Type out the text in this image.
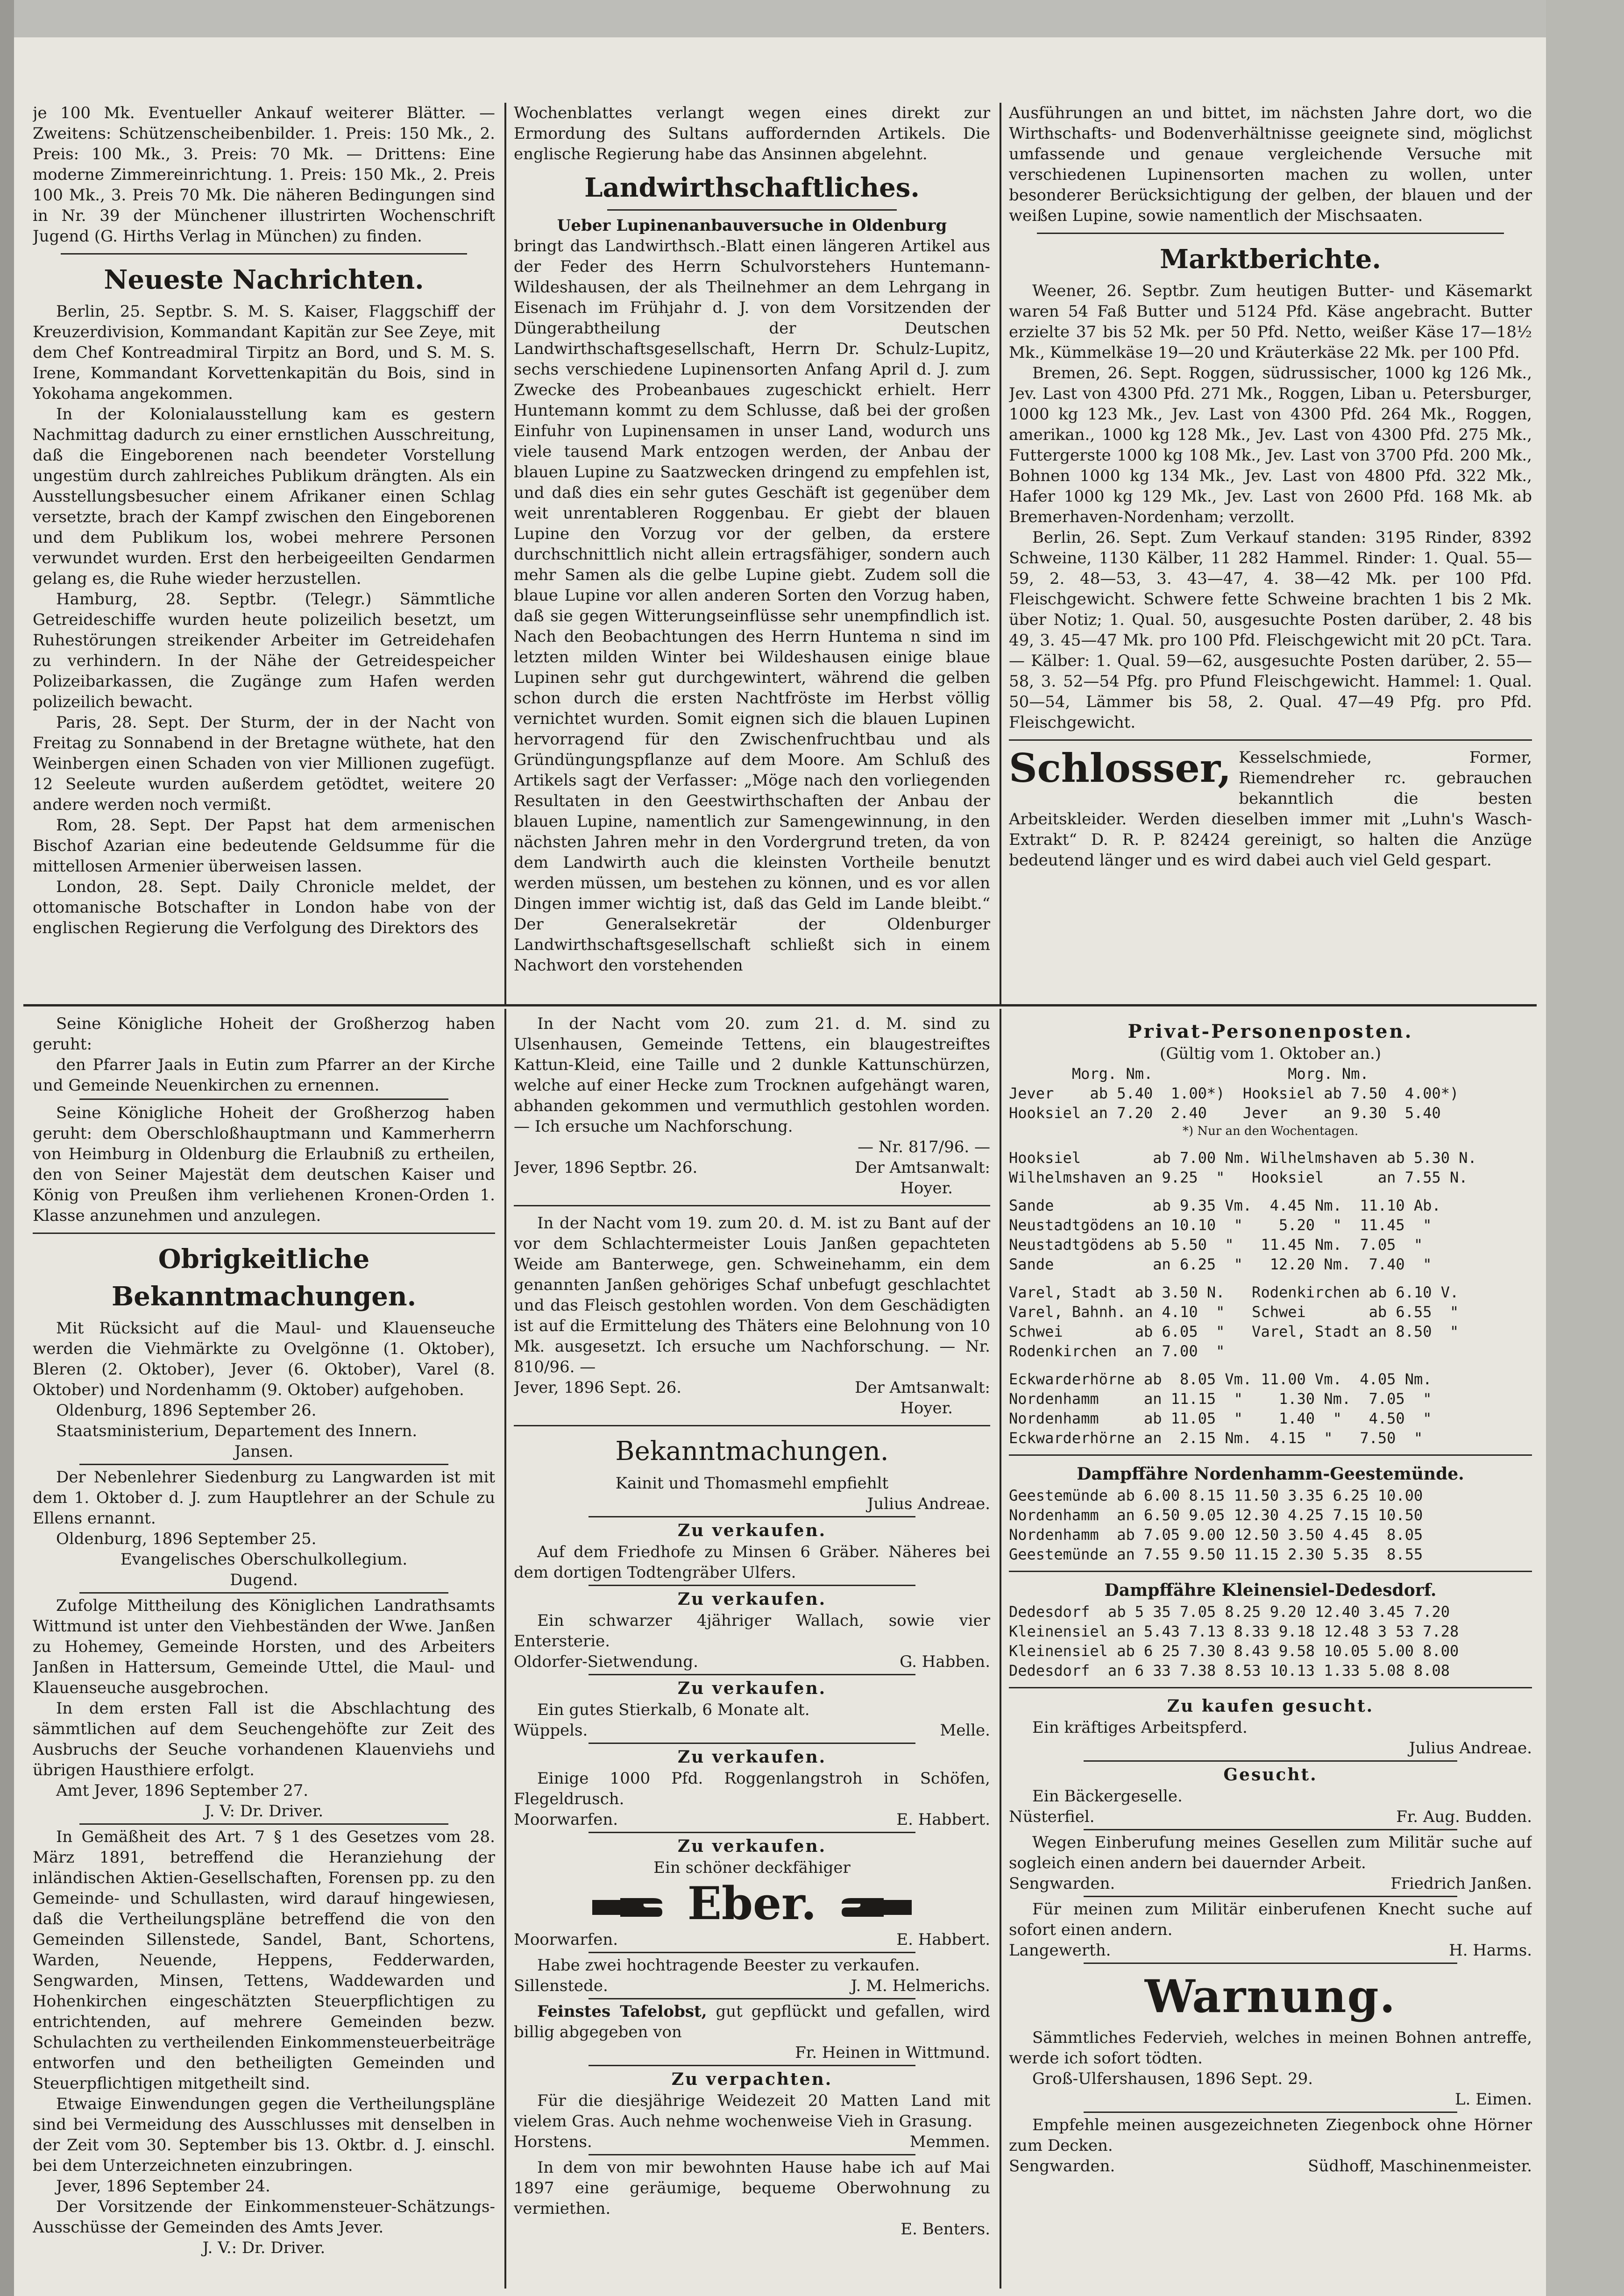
je 100 Mk. Eventueller Ankauf weiterer Blätter. — Zweitens: Schützenscheibenbilder. 1. Preis: 150 Mk., 2. Preis: 100 Mk., 3. Preis: 70 Mk. — Drittens: Eine moderne Zimmereinrichtung. 1. Preis: 150 Mk., 2. Preis 100 Mk., 3. Preis 70 Mk. Die näheren Bedingungen sind in Nr. 39 der Münchener illustrirten Wochenschrift Jugend (G. Hirths Verlag in München) zu finden.

Neueste Nachrichten.

Berlin, 25. Septbr. S. M. S. Kaiser, Flaggschiff der Kreuzerdivision, Kommandant Kapitän zur See Zeye, mit dem Chef Kontreadmiral Tirpitz an Bord, und S. M. S. Irene, Kommandant Korvettenkapitän du Bois, sind in Yokohama angekommen.

In der Kolonialausstellung kam es gestern Nachmittag dadurch zu einer ernstlichen Ausschreitung, daß die Eingeborenen nach beendeter Vorstellung ungestüm durch zahlreiches Publikum drängten. Als ein Ausstellungsbesucher einem Afrikaner einen Schlag versetzte, brach der Kampf zwischen den Eingeborenen und dem Publikum los, wobei mehrere Personen verwundet wurden. Erst den herbeigeeilten Gendarmen gelang es, die Ruhe wieder herzustellen.

Hamburg, 28. Septbr. (Telegr.) Sämmtliche Getreideschiffe wurden heute polizeilich besetzt, um Ruhestörungen streikender Arbeiter im Getreidehafen zu verhindern. In der Nähe der Getreidespeicher Polizeibarkassen, die Zugänge zum Hafen werden polizeilich bewacht.

Paris, 28. Sept. Der Sturm, der in der Nacht von Freitag zu Sonnabend in der Bretagne wüthete, hat den Weinbergen einen Schaden von vier Millionen zugefügt. 12 Seeleute wurden außerdem getödtet, weitere 20 andere werden noch vermißt.

Rom, 28. Sept. Der Papst hat dem armenischen Bischof Azarian eine bedeutende Geldsumme für die mittellosen Armenier überweisen lassen.

London, 28. Sept. Daily Chronicle meldet, der ottomanische Botschafter in London habe von der englischen Regierung die Verfolgung des Direktors des

Wochenblattes verlangt wegen eines direkt zur Ermordung des Sultans auffordernden Artikels. Die englische Regierung habe das Ansinnen abgelehnt.

Landwirthschaftliches.

Ueber Lupinenanbauversuche in Oldenburg

bringt das Landwirthsch.-Blatt einen längeren Artikel aus der Feder des Herrn Schulvorstehers Huntemann-Wildeshausen, der als Theilnehmer an dem Lehrgang in Eisenach im Frühjahr d. J. von dem Vorsitzenden der Düngerabtheilung der Deutschen Landwirthschaftsgesellschaft, Herrn Dr. Schulz-Lupitz, sechs verschiedene Lupinensorten Anfang April d. J. zum Zwecke des Probeanbaues zugeschickt erhielt. Herr Huntemann kommt zu dem Schlusse, daß bei der großen Einfuhr von Lupinensamen in unser Land, wodurch uns viele tausend Mark entzogen werden, der Anbau der blauen Lupine zu Saatzwecken dringend zu empfehlen ist, und daß dies ein sehr gutes Geschäft ist gegenüber dem weit unrentableren Roggenbau. Er giebt der blauen Lupine den Vorzug vor der gelben, da erstere durchschnittlich nicht allein ertragsfähiger, sondern auch mehr Samen als die gelbe Lupine giebt. Zudem soll die blaue Lupine vor allen anderen Sorten den Vorzug haben, daß sie gegen Witterungseinflüsse sehr unempfindlich ist. Nach den Beobachtungen des Herrn Huntema n sind im letzten milden Winter bei Wildeshausen einige blaue Lupinen sehr gut durchgewintert, während die gelben schon durch die ersten Nachtfröste im Herbst völlig vernichtet wurden. Somit eignen sich die blauen Lupinen hervorragend für den Zwischenfruchtbau und als Gründüngungspflanze auf dem Moore. Am Schluß des Artikels sagt der Verfasser: „Möge nach den vorliegenden Resultaten in den Geestwirthschaften der Anbau der blauen Lupine, namentlich zur Samengewinnung, in den nächsten Jahren mehr in den Vordergrund treten, da von dem Landwirth auch die kleinsten Vortheile benutzt werden müssen, um bestehen zu können, und es vor allen Dingen immer wichtig ist, daß das Geld im Lande bleibt.“ Der Generalsekretär der Oldenburger Landwirthschaftsgesellschaft schließt sich in einem Nachwort den vorstehenden

Ausführungen an und bittet, im nächsten Jahre dort, wo die Wirthschafts- und Bodenverhältnisse geeignete sind, möglichst umfassende und genaue vergleichende Versuche mit verschiedenen Lupinensorten machen zu wollen, unter besonderer Berücksichtigung der gelben, der blauen und der weißen Lupine, sowie namentlich der Mischsaaten.

Marktberichte.

Weener, 26. Septbr. Zum heutigen Butter- und Käsemarkt waren 54 Faß Butter und 5124 Pfd. Käse angebracht. Butter erzielte 37 bis 52 Mk. per 50 Pfd. Netto, weißer Käse 17—18½ Mk., Kümmelkäse 19—20 und Kräuterkäse 22 Mk. per 100 Pfd.

Bremen, 26. Sept. Roggen, südrussischer, 1000 kg 126 Mk., Jev. Last von 4300 Pfd. 271 Mk., Roggen, Liban u. Petersburger, 1000 kg 123 Mk., Jev. Last von 4300 Pfd. 264 Mk., Roggen, amerikan., 1000 kg 128 Mk., Jev. Last von 4300 Pfd. 275 Mk., Futtergerste 1000 kg 108 Mk., Jev. Last von 3700 Pfd. 200 Mk., Bohnen 1000 kg 134 Mk., Jev. Last von 4800 Pfd. 322 Mk., Hafer 1000 kg 129 Mk., Jev. Last von 2600 Pfd. 168 Mk. ab Bremerhaven-Nordenham; verzollt.

Berlin, 26. Sept. Zum Verkauf standen: 3195 Rinder, 8392 Schweine, 1130 Kälber, 11 282 Hammel. Rinder: 1. Qual. 55—59, 2. 48—53, 3. 43—47, 4. 38—42 Mk. per 100 Pfd. Fleischgewicht. Schwere fette Schweine brachten 1 bis 2 Mk. über Notiz; 1. Qual. 50, ausgesuchte Posten darüber, 2. 48 bis 49, 3. 45—47 Mk. pro 100 Pfd. Fleischgewicht mit 20 pCt. Tara. — Kälber: 1. Qual. 59—62, ausgesuchte Posten darüber, 2. 55—58, 3. 52—54 Pfg. pro Pfund Fleischgewicht. Hammel: 1. Qual. 50—54, Lämmer bis 58, 2. Qual. 47—49 Pfg. pro Pfd. Fleischgewicht.

Schlosser, Kesselschmiede, Former, Riemendreher rc. gebrauchen bekanntlich die besten Arbeitskleider. Werden dieselben immer mit „Luhn's Wasch-Extrakt“ D. R. P. 82424 gereinigt, so halten die Anzüge bedeutend länger und es wird dabei auch viel Geld gespart.

Seine Königliche Hoheit der Großherzog haben geruht:

den Pfarrer Jaals in Eutin zum Pfarrer an der Kirche und Gemeinde Neuenkirchen zu ernennen.

Seine Königliche Hoheit der Großherzog haben geruht: dem Oberschloßhauptmann und Kammerherrn von Heimburg in Oldenburg die Erlaubniß zu ertheilen, den von Seiner Majestät dem deutschen Kaiser und König von Preußen ihm verliehenen Kronen-Orden 1. Klasse anzunehmen und anzulegen.

Obrigkeitliche Bekanntmachungen.

Mit Rücksicht auf die Maul- und Klauenseuche werden die Viehmärkte zu Ovelgönne (1. Oktober), Bleren (2. Oktober), Jever (6. Oktober), Varel (8. Oktober) und Nordenhamm (9. Oktober) aufgehoben.

Oldenburg, 1896 September 26.

Staatsministerium, Departement des Innern.

Jansen.

Der Nebenlehrer Siedenburg zu Langwarden ist mit dem 1. Oktober d. J. zum Hauptlehrer an der Schule zu Ellens ernannt.

Oldenburg, 1896 September 25.

Evangelisches Oberschulkollegium.

Dugend.

Zufolge Mittheilung des Königlichen Landrathsamts Wittmund ist unter den Viehbeständen der Wwe. Janßen zu Hohemey, Gemeinde Horsten, und des Arbeiters Janßen in Hattersum, Gemeinde Uttel, die Maul- und Klauenseuche ausgebrochen.

In dem ersten Fall ist die Abschlachtung des sämmtlichen auf dem Seuchengehöfte zur Zeit des Ausbruchs der Seuche vorhandenen Klauenviehs und übrigen Hausthiere erfolgt.

Amt Jever, 1896 September 27.

J. V: Dr. Driver.

In Gemäßheit des Art. 7 § 1 des Gesetzes vom 28. März 1891, betreffend die Heranziehung der inländischen Aktien-Gesellschaften, Forensen pp. zu den Gemeinde- und Schullasten, wird darauf hingewiesen, daß die Vertheilungspläne betreffend die von den Gemeinden Sillenstede, Sandel, Bant, Schortens, Warden, Neuende, Heppens, Fedderwarden, Sengwarden, Minsen, Tettens, Waddewarden und Hohenkirchen eingeschätzten Steuerpflichtigen zu entrichtenden, auf mehrere Gemeinden bezw. Schulachten zu vertheilenden Einkommensteuerbeiträge entworfen und den betheiligten Gemeinden und Steuerpflichtigen mitgetheilt sind.

Etwaige Einwendungen gegen die Vertheilungspläne sind bei Vermeidung des Ausschlusses mit denselben in der Zeit vom 30. September bis 13. Oktbr. d. J. einschl. bei dem Unterzeichneten einzubringen.

Jever, 1896 September 24.

Der Vorsitzende der Einkommensteuer-Schätzungs-Ausschüsse der Gemeinden des Amts Jever.

J. V.: Dr. Driver.

In der Nacht vom 20. zum 21. d. M. sind zu Ulsenhausen, Gemeinde Tettens, ein blaugestreiftes Kattun-Kleid, eine Taille und 2 dunkle Kattunschürzen, welche auf einer Hecke zum Trocknen aufgehängt waren, abhanden gekommen und vermuthlich gestohlen worden. — Ich ersuche um Nachforschung.

— Nr. 817/96. —

Jever, 1896 Septbr. 26.	Der Amtsanwalt:

Hoyer.

In der Nacht vom 19. zum 20. d. M. ist zu Bant auf der vor dem Schlachtermeister Louis Janßen gepachteten Weide am Banterwege, gen. Schweinehamm, ein dem genannten Janßen gehöriges Schaf unbefugt geschlachtet und das Fleisch gestohlen worden. Von dem Geschädigten ist auf die Ermittelung des Thäters eine Belohnung von 10 Mk. ausgesetzt. Ich ersuche um Nachforschung. — Nr. 810/96. —

Jever, 1896 Sept. 26.	Der Amtsanwalt:

Hoyer.

Bekanntmachungen.

Kainit und Thomasmehl empfiehlt

Julius Andreae.

Zu verkaufen.

Auf dem Friedhofe zu Minsen 6 Gräber. Näheres bei dem dortigen Todtengräber Ulfers.

Zu verkaufen.

Ein schwarzer 4jähriger Wallach, sowie vier Entersterie.

Oldorfer-Sietwendung.	G. Habben.

Zu verkaufen.

Ein gutes Stierkalb, 6 Monate alt.

Wüppels.	Melle.

Zu verkaufen.

Einige 1000 Pfd. Roggenlangstroh in Schöfen, Flegeldrusch.

Moorwarfen.	E. Habbert.

Zu verkaufen.

Ein schöner deckfähiger

Eber.
Moorwarfen.	E. Habbert.

Habe zwei hochtragende Beester zu verkaufen.

Sillenstede.	J. M. Helmerichs.

Feinstes Tafelobst, gut gepflückt und gefallen, wird billig abgegeben von

Fr. Heinen in Wittmund.

Zu verpachten.

Für die diesjährige Weidezeit 20 Matten Land mit vielem Gras. Auch nehme wochenweise Vieh in Grasung.

Horstens.	Memmen.

In dem von mir bewohnten Hause habe ich auf Mai 1897 eine geräumige, bequeme Oberwohnung zu vermiethen.

E. Benters.

Privat-Personenposten.

(Gültig vom 1. Oktober an.)

Morg. Nm.               Morg. Nm.
Jever    ab 5.40  1.00*)  Hooksiel ab 7.50  4.00*)
Hooksiel an 7.20  2.40    Jever    an 9.30  5.40

*) Nur an den Wochentagen.

Hooksiel        ab 7.00 Nm. Wilhelmshaven ab 5.30 N.
Wilhelmshaven an 9.25  "   Hooksiel      an 7.55 N.
Sande           ab 9.35 Vm.  4.45 Nm.  11.10 Ab.
Neustadtgödens an 10.10  "    5.20  "  11.45  "
Neustadtgödens ab 5.50  "   11.45 Nm.  7.05  "
Sande           an 6.25  "   12.20 Nm.  7.40  "
Varel, Stadt  ab 3.50 N.   Rodenkirchen ab 6.10 V.
Varel, Bahnh. an 4.10  "   Schwei       ab 6.55  "
Schwei        ab 6.05  "   Varel, Stadt an 8.50  "
Rodenkirchen  an 7.00  "
Eckwarderhörne ab  8.05 Vm. 11.00 Vm.  4.05 Nm.
Nordenhamm     an 11.15  "    1.30 Nm.  7.05  "
Nordenhamm     ab 11.05  "    1.40  "   4.50  "
Eckwarderhörne an  2.15 Nm.  4.15  "   7.50  "
Dampffähre Nordenhamm-Geestemünde.
Geestemünde ab 6.00 8.15 11.50 3.35 6.25 10.00
Nordenhamm  an 6.50 9.05 12.30 4.25 7.15 10.50
Nordenhamm  ab 7.05 9.00 12.50 3.50 4.45  8.05
Geestemünde an 7.55 9.50 11.15 2.30 5.35  8.55
Dampffähre Kleinensiel-Dedesdorf.
Dedesdorf  ab 5 35 7.05 8.25 9.20 12.40 3.45 7.20
Kleinensiel an 5.43 7.13 8.33 9.18 12.48 3 53 7.28
Kleinensiel ab 6 25 7.30 8.43 9.58 10.05 5.00 8.00
Dedesdorf  an 6 33 7.38 8.53 10.13 1.33 5.08 8.08

Zu kaufen gesucht.

Ein kräftiges Arbeitspferd.

Julius Andreae.

Gesucht.

Ein Bäckergeselle.

Nüsterfiel.	Fr. Aug. Budden.

Wegen Einberufung meines Gesellen zum Militär suche auf sogleich einen andern bei dauernder Arbeit.

Sengwarden.	Friedrich Janßen.

Für meinen zum Militär einberufenen Knecht suche auf sofort einen andern.

Langewerth.	H. Harms.
Warnung.

Sämmtliches Federvieh, welches in meinen Bohnen antreffe, werde ich sofort tödten.

Groß-Ulfershausen, 1896 Sept. 29.

L. Eimen.

Empfehle meinen ausgezeichneten Ziegenbock ohne Hörner zum Decken.

Sengwarden.	Südhoff, Maschinenmeister.
